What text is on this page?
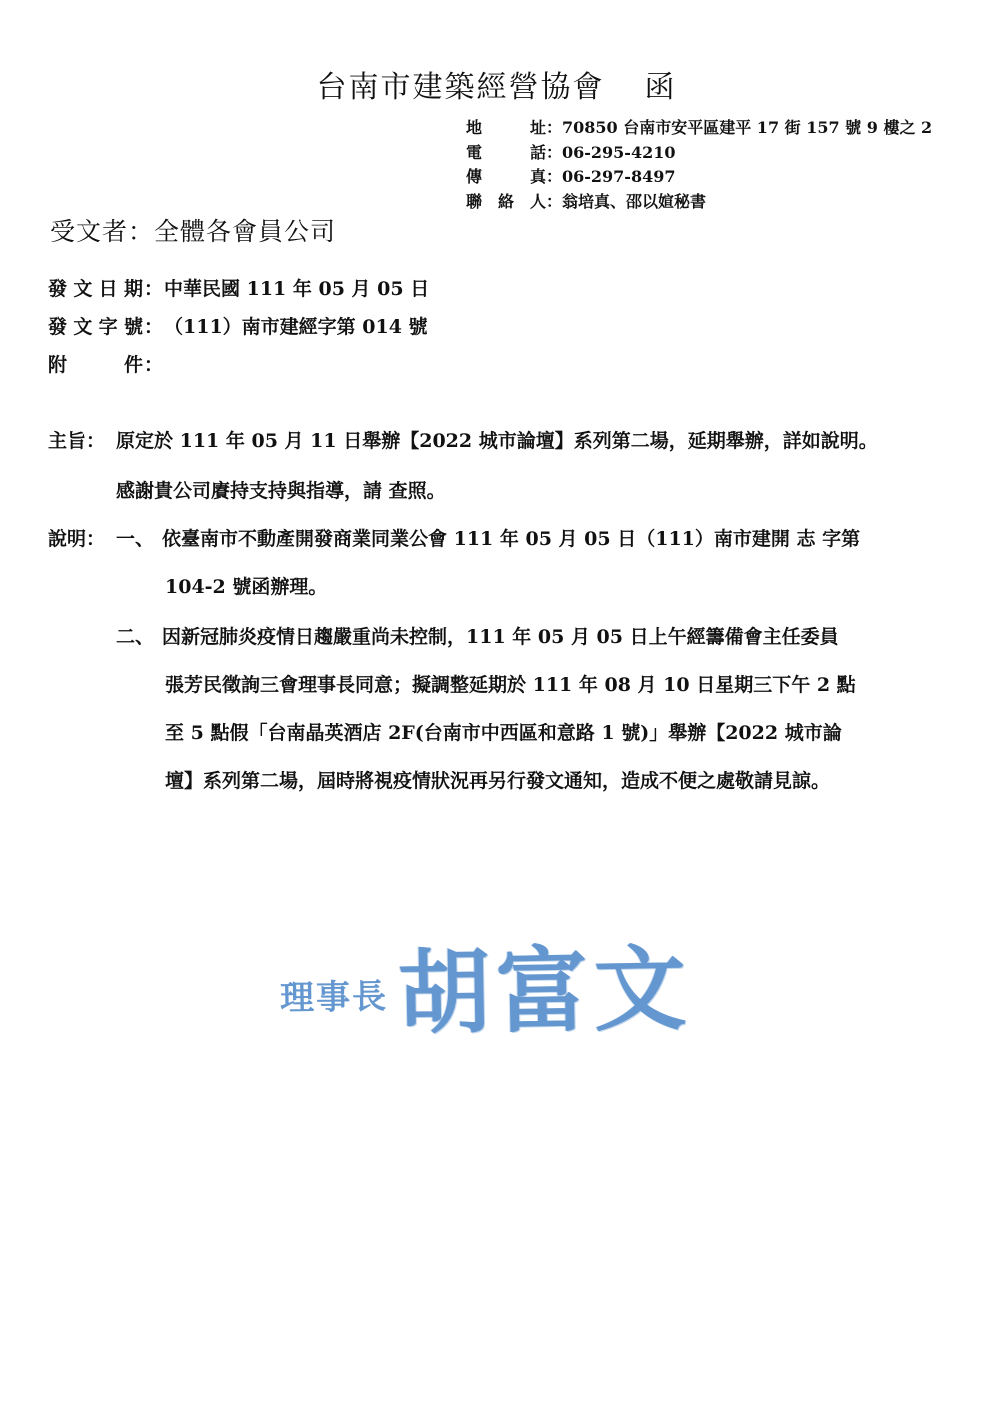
台南市建築經營協會 函
地址 ： 70850 台南市安平區建平 17 街 157 號 9 樓之 2
電話 ： 06-295-4210
傳真 ： 06-297-8497
聯絡人 ： 翁培真、邵以媗秘書
受文者：全體各會員公司
發文日期 ： 中華民國 111 年 05 月 05 日
發文字號 ： （111）南市建經字第 014 號
附件 ：
主旨： 原定於 111 年 05 月 11 日舉辦【2022 城市論壇】系列第二場，延期舉辦，詳如說明。
感謝貴公司賡持支持與指導，請 查照。
說明： 一、 依臺南市不動產開發商業同業公會 111 年 05 月 05 日（111）南市建開 志 字第
104-2 號函辦理。
二、 因新冠肺炎疫情日趨嚴重尚未控制，111 年 05 月 05 日上午經籌備會主任委員
張芳民徵詢三會理事長同意；擬調整延期於 111 年 08 月 10 日星期三下午 2 點
至 5 點假「台南晶英酒店 2F(台南市中西區和意路 1 號)」舉辦【2022 城市論
壇】系列第二場，屆時將視疫情狀況再另行發文通知，造成不便之處敬請見諒。
理事長 胡富文
